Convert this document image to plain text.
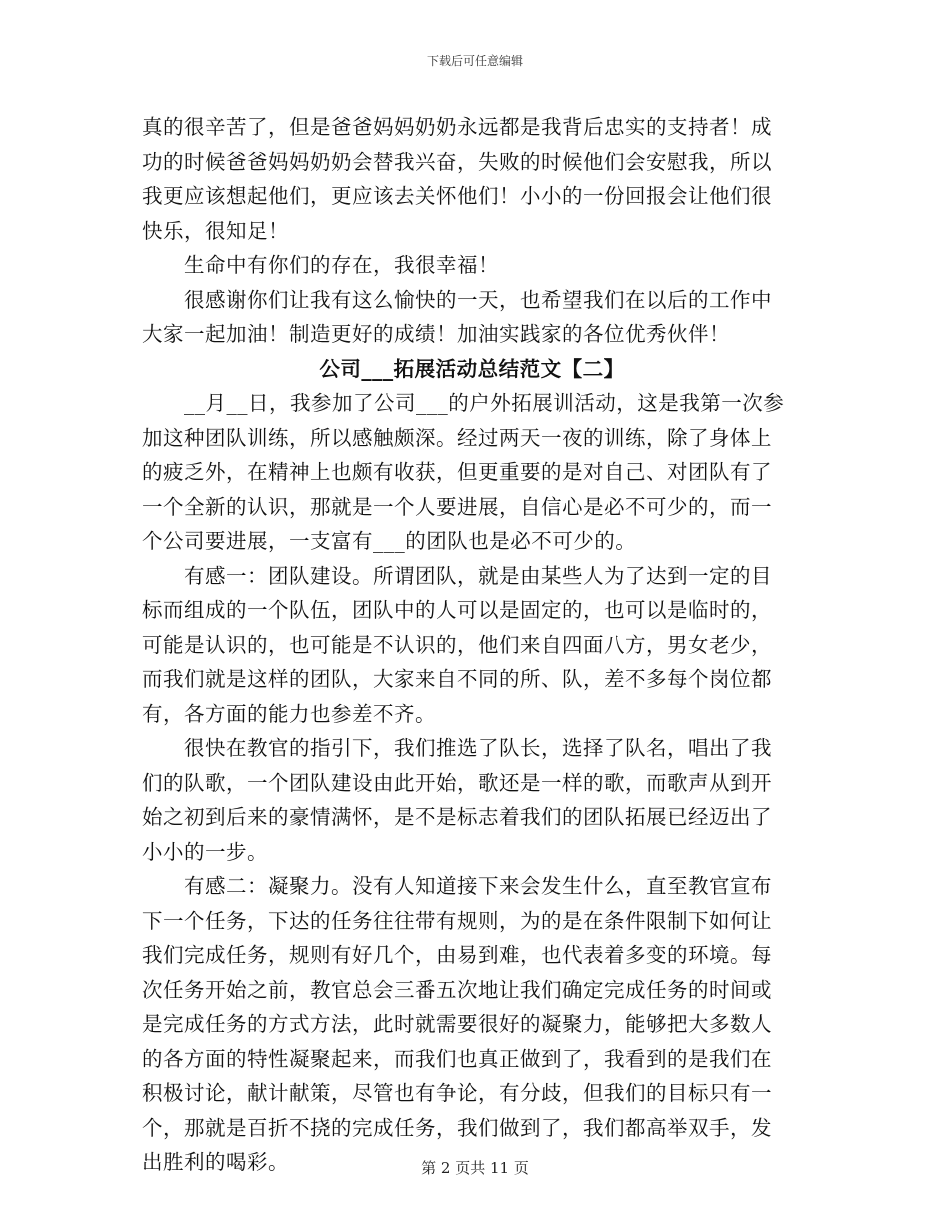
下载后可任意编辑
真的很辛苦了，但是爸爸妈妈奶奶永远都是我背后忠实的支持者！成
功的时候爸爸妈妈奶奶会替我兴奋，失败的时候他们会安慰我，所以
我更应该想起他们，更应该去关怀他们！小小的一份回报会让他们很
快乐，很知足！
生命中有你们的存在，我很幸福！
很感谢你们让我有这么愉快的一天，也希望我们在以后的工作中
大家一起加油！制造更好的成绩！加油实践家的各位优秀伙伴！
公司___拓展活动总结范文【二】
__月__日，我参加了公司___的户外拓展训活动，这是我第一次参
加这种团队训练，所以感触颇深。经过两天一夜的训练，除了身体上
的疲乏外，在精神上也颇有收获，但更重要的是对自己、对团队有了
一个全新的认识，那就是一个人要进展，自信心是必不可少的，而一
个公司要进展，一支富有___的团队也是必不可少的。
有感一：团队建设。所谓团队，就是由某些人为了达到一定的目
标而组成的一个队伍，团队中的人可以是固定的，也可以是临时的，
可能是认识的，也可能是不认识的，他们来自四面八方，男女老少，
而我们就是这样的团队，大家来自不同的所、队，差不多每个岗位都
有，各方面的能力也参差不齐。
很快在教官的指引下，我们推选了队长，选择了队名，唱出了我
们的队歌，一个团队建设由此开始，歌还是一样的歌，而歌声从到开
始之初到后来的豪情满怀，是不是标志着我们的团队拓展已经迈出了
小小的一步。
有感二：凝聚力。没有人知道接下来会发生什么，直至教官宣布
下一个任务，下达的任务往往带有规则，为的是在条件限制下如何让
我们完成任务，规则有好几个，由易到难，也代表着多变的环境。每
次任务开始之前，教官总会三番五次地让我们确定完成任务的时间或
是完成任务的方式方法，此时就需要很好的凝聚力，能够把大多数人
的各方面的特性凝聚起来，而我们也真正做到了，我看到的是我们在
积极讨论，献计献策，尽管也有争论，有分歧，但我们的目标只有一
个，那就是百折不挠的完成任务，我们做到了，我们都高举双手，发
出胜利的喝彩。	第 2 页共 11 页
